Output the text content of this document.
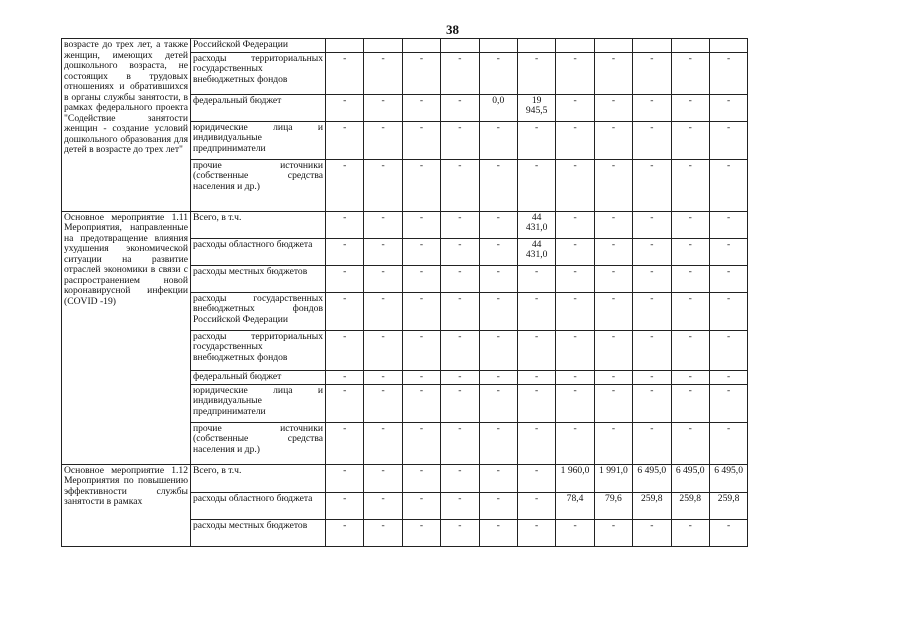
38
возрасте до трех лет, а также женщин, имеющих детей дошкольного возраста, не состоящих в трудовых отношениях и обратившихся в органы службы занятости, в рамках федерального проекта "Содействие занятости женщин - создание условий дошкольного образования для детей в возрасте до трех лет"	Российской Федерации											
	расходы территориальных государственных внебюджетных фондов	-	-	-	-	-	-	-	-	-	-	-
	федеральный бюджет	-	-	-	-	0,0	19 945,5	-	-	-	-	-
	юридические лица и индивидуальные предприниматели	-	-	-	-	-	-	-	-	-	-	-
	прочие источники (собственные средства населения и др.)	-	-	-	-	-	-	-	-	-	-	-
Основное мероприятие 1.11 Мероприятия, направленные на предотвращение влияния ухудшения экономической ситуации на развитие отраслей экономики в связи с распространением новой коронавирусной инфекции (COVID -19)	Всего, в т.ч.	-	-	-	-	-	44 431,0	-	-	-	-	-
	расходы областного бюджета	-	-	-	-	-	44 431,0	-	-	-	-	-
	расходы местных бюджетов	-	-	-	-	-	-	-	-	-	-	-
	расходы государственных внебюджетных фондов Российской Федерации	-	-	-	-	-	-	-	-	-	-	-
	расходы территориальных государственных внебюджетных фондов	-	-	-	-	-	-	-	-	-	-	-
	федеральный бюджет	-	-	-	-	-	-	-	-	-	-	-
	юридические лица и индивидуальные предприниматели	-	-	-	-	-	-	-	-	-	-	-
	прочие источники (собственные средства населения и др.)	-	-	-	-	-	-	-	-	-	-	-
Основное мероприятие 1.12 Мероприятия по повышению эффективности службы занятости в рамках	Всего, в т.ч.	-	-	-	-	-	-	1 960,0	1 991,0	6 495,0	6 495,0	6 495,0
	расходы областного бюджета	-	-	-	-	-	-	78,4	79,6	259,8	259,8	259,8
	расходы местных бюджетов	-	-	-	-	-	-	-	-	-	-	-
